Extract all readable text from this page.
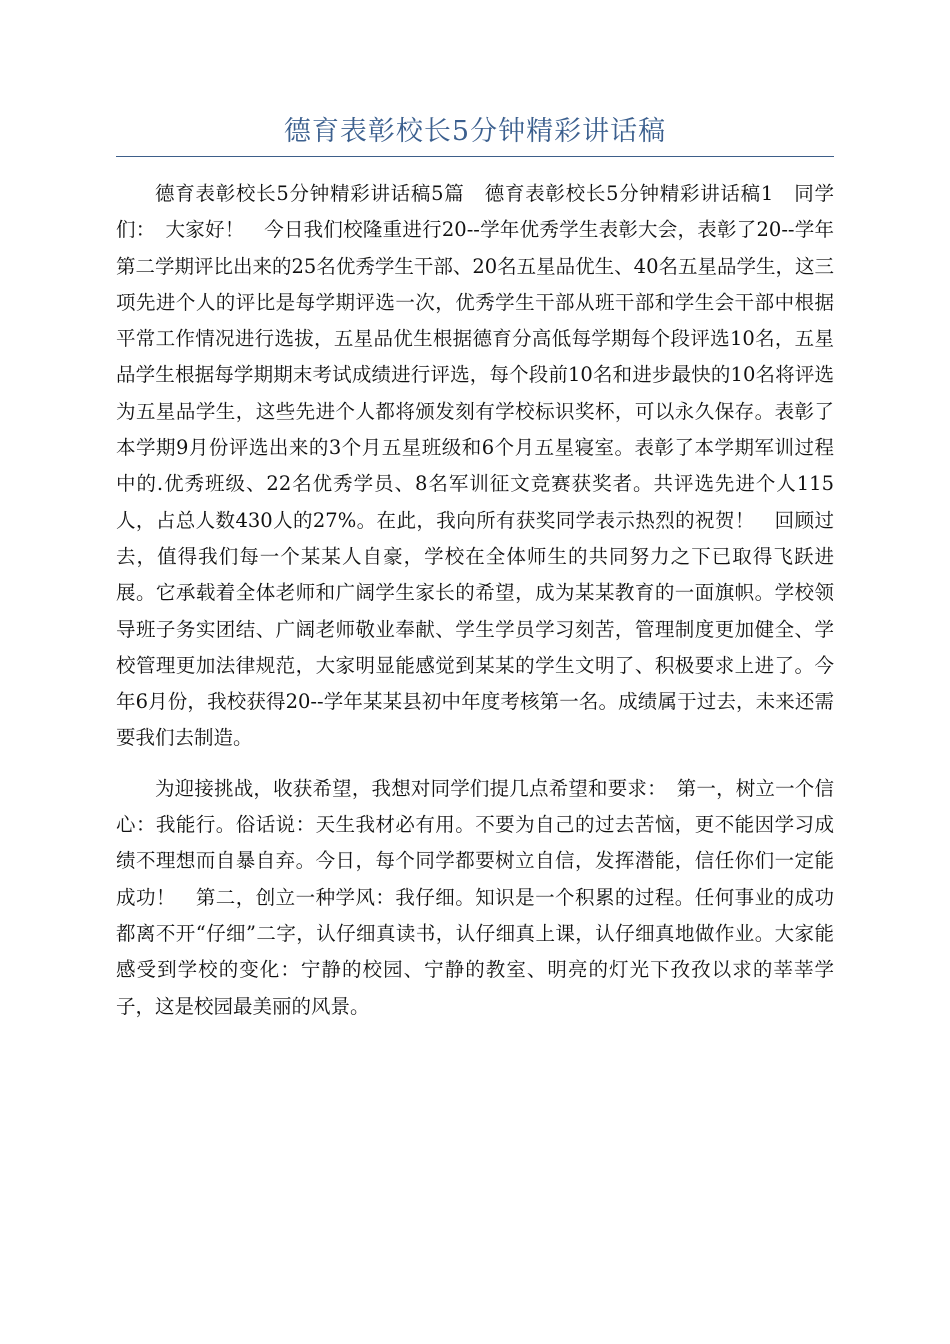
德育表彰校长5分钟精彩讲话稿

德育表彰校长5分钟精彩讲话稿5篇　德育表彰校长5分钟精彩讲话稿1　同学们：　大家好！　今日我们校隆重进行20--学年优秀学生表彰大会，表彰了20--学年第二学期评比出来的25名优秀学生干部、20名五星品优生、40名五星品学生，这三项先进个人的评比是每学期评选一次，优秀学生干部从班干部和学生会干部中根据平常工作情况进行选拔，五星品优生根据德育分高低每学期每个段评选10名，五星品学生根据每学期期末考试成绩进行评选，每个段前10名和进步最快的10名将评选为五星品学生，这些先进个人都将颁发刻有学校标识奖杯，可以永久保存。表彰了本学期9月份评选出来的3个月五星班级和6个月五星寝室。表彰了本学期军训过程中的.优秀班级、22名优秀学员、8名军训征文竞赛获奖者。共评选先进个人115人，占总人数430人的27%。在此，我向所有获奖同学表示热烈的祝贺！　回顾过去，值得我们每一个某某人自豪，学校在全体师生的共同努力之下已取得飞跃进展。它承载着全体老师和广阔学生家长的希望，成为某某教育的一面旗帜。学校领导班子务实团结、广阔老师敬业奉献、学生学员学习刻苦，管理制度更加健全、学校管理更加法律规范，大家明显能感觉到某某的学生文明了、积极要求上进了。今年6月份，我校获得20--学年某某县初中年度考核第一名。成绩属于过去，未来还需要我们去制造。

为迎接挑战，收获希望，我想对同学们提几点希望和要求：　第一，树立一个信心：我能行。俗话说：天生我材必有用。不要为自己的过去苦恼，更不能因学习成绩不理想而自暴自弃。今日，每个同学都要树立自信，发挥潜能，信任你们一定能成功！　第二，创立一种学风：我仔细。知识是一个积累的过程。任何事业的成功都离不开“仔细”二字，认仔细真读书，认仔细真上课，认仔细真地做作业。大家能感受到学校的变化：宁静的校园、宁静的教室、明亮的灯光下孜孜以求的莘莘学子，这是校园最美丽的风景。
